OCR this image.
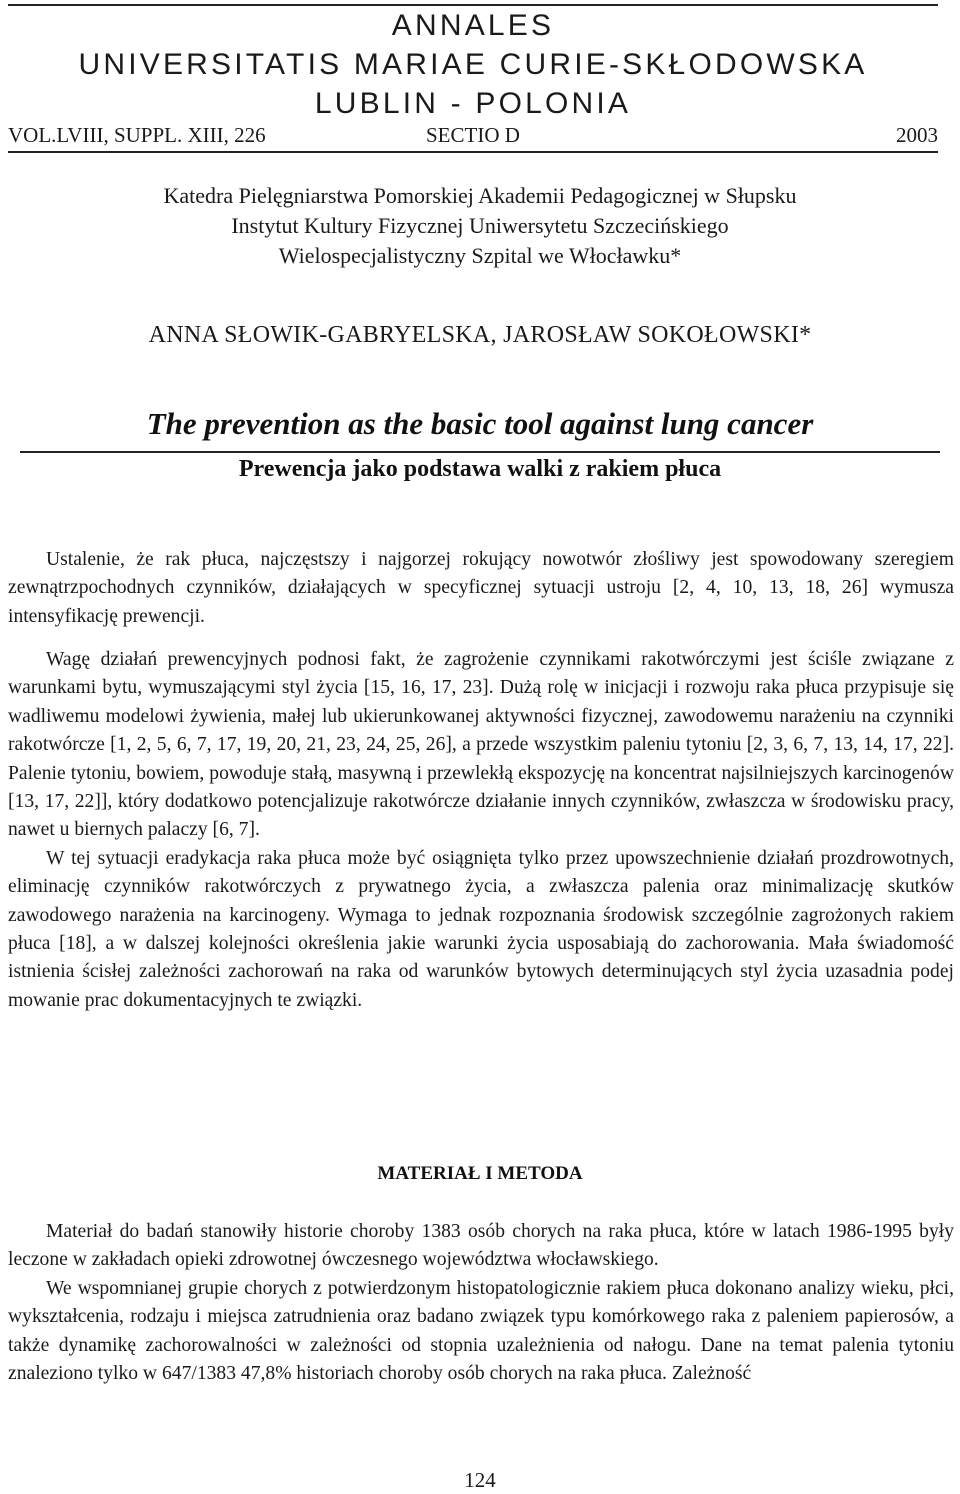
ANNALES
UNIVERSITATIS MARIAE CURIE-SKŁODOWSKA
LUBLIN - POLONIA
VOL.LVIII, SUPPL. XIII, 226	SECTIO D	2003
Katedra Pielęgniarstwa Pomorskiej Akademii Pedagogicznej w Słupsku
Instytut Kultury Fizycznej Uniwersytetu Szczecińskiego
Wielospecjalistyczny Szpital we Włocławku*
ANNA SŁOWIK-GABRYELSKA, JAROSŁAW SOKOŁOWSKI*
The prevention as the basic tool against lung cancer
Prewencja jako podstawa walki z rakiem płuca

Ustalenie, że rak płuca, najczęstszy i najgorzej rokujący nowotwór złośliwy jest spowodowany szeregiem zewnątrzpochodnych czynników, działających w specyficznej sytuacji ustroju [2, 4, 10, 13, 18, 26] wymusza intensyfikację prewencji.

Wagę działań prewencyjnych podnosi fakt, że zagrożenie czynnikami rakotwórczymi jest ściśle związane z warunkami bytu, wymuszającymi styl życia [15, 16, 17, 23]. Dużą rolę w inicjacji i rozwoju raka płuca przypisuje się wadliwemu modelowi żywienia, małej lub ukierunkowanej aktywności fizycznej, zawodowemu narażeniu na czynniki rakotwórcze [1, 2, 5, 6, 7, 17, 19, 20, 21, 23, 24, 25, 26], a przede wszystkim paleniu tytoniu [2, 3, 6, 7, 13, 14, 17, 22]. Palenie tytoniu, bowiem, powoduje stałą, masywną i przewlekłą ekspozycję na koncentrat najsilniejszych karcinogenów [13, 17, 22]], który dodatkowo potencjalizuje rakotwórcze działanie innych czynników, zwłaszcza w środowisku pracy, nawet u biernych palaczy [6, 7].

W tej sytuacji eradykacja raka płuca może być osiągnięta tylko przez upowszechnienie działań prozdrowotnych, eliminację czynników rakotwórczych z prywatnego życia, a zwłaszcza palenia oraz minimalizację skutków zawodowego narażenia na karcinogeny. Wymaga to jednak rozpoznania środowisk szczególnie zagrożonych rakiem płuca [18], a w dalszej kolejności określenia jakie warunki życia usposabiają do zachorowania. Mała świadomość istnienia ścisłej zależności zachorowań na raka od warunków bytowych determinujących styl życia uzasadnia podej mowanie prac dokumentacyjnych te związki.

MATERIAŁ I METODA

Materiał do badań stanowiły historie choroby 1383 osób chorych na raka płuca, które w latach 1986-1995 były leczone w zakładach opieki zdrowotnej ówczesnego województwa włocławskiego.

We wspomnianej grupie chorych z potwierdzonym histopatologicznie rakiem płuca dokonano analizy wieku, płci, wykształcenia, rodzaju i miejsca zatrudnienia oraz badano związek typu komórkowego raka z paleniem papierosów, a także dynamikę zachorowalności w zależności od stopnia uzależnienia od nałogu. Dane na temat palenia tytoniu znaleziono tylko w 647/1383 47,8% historiach choroby osób chorych na raka płuca. Zależność

124
